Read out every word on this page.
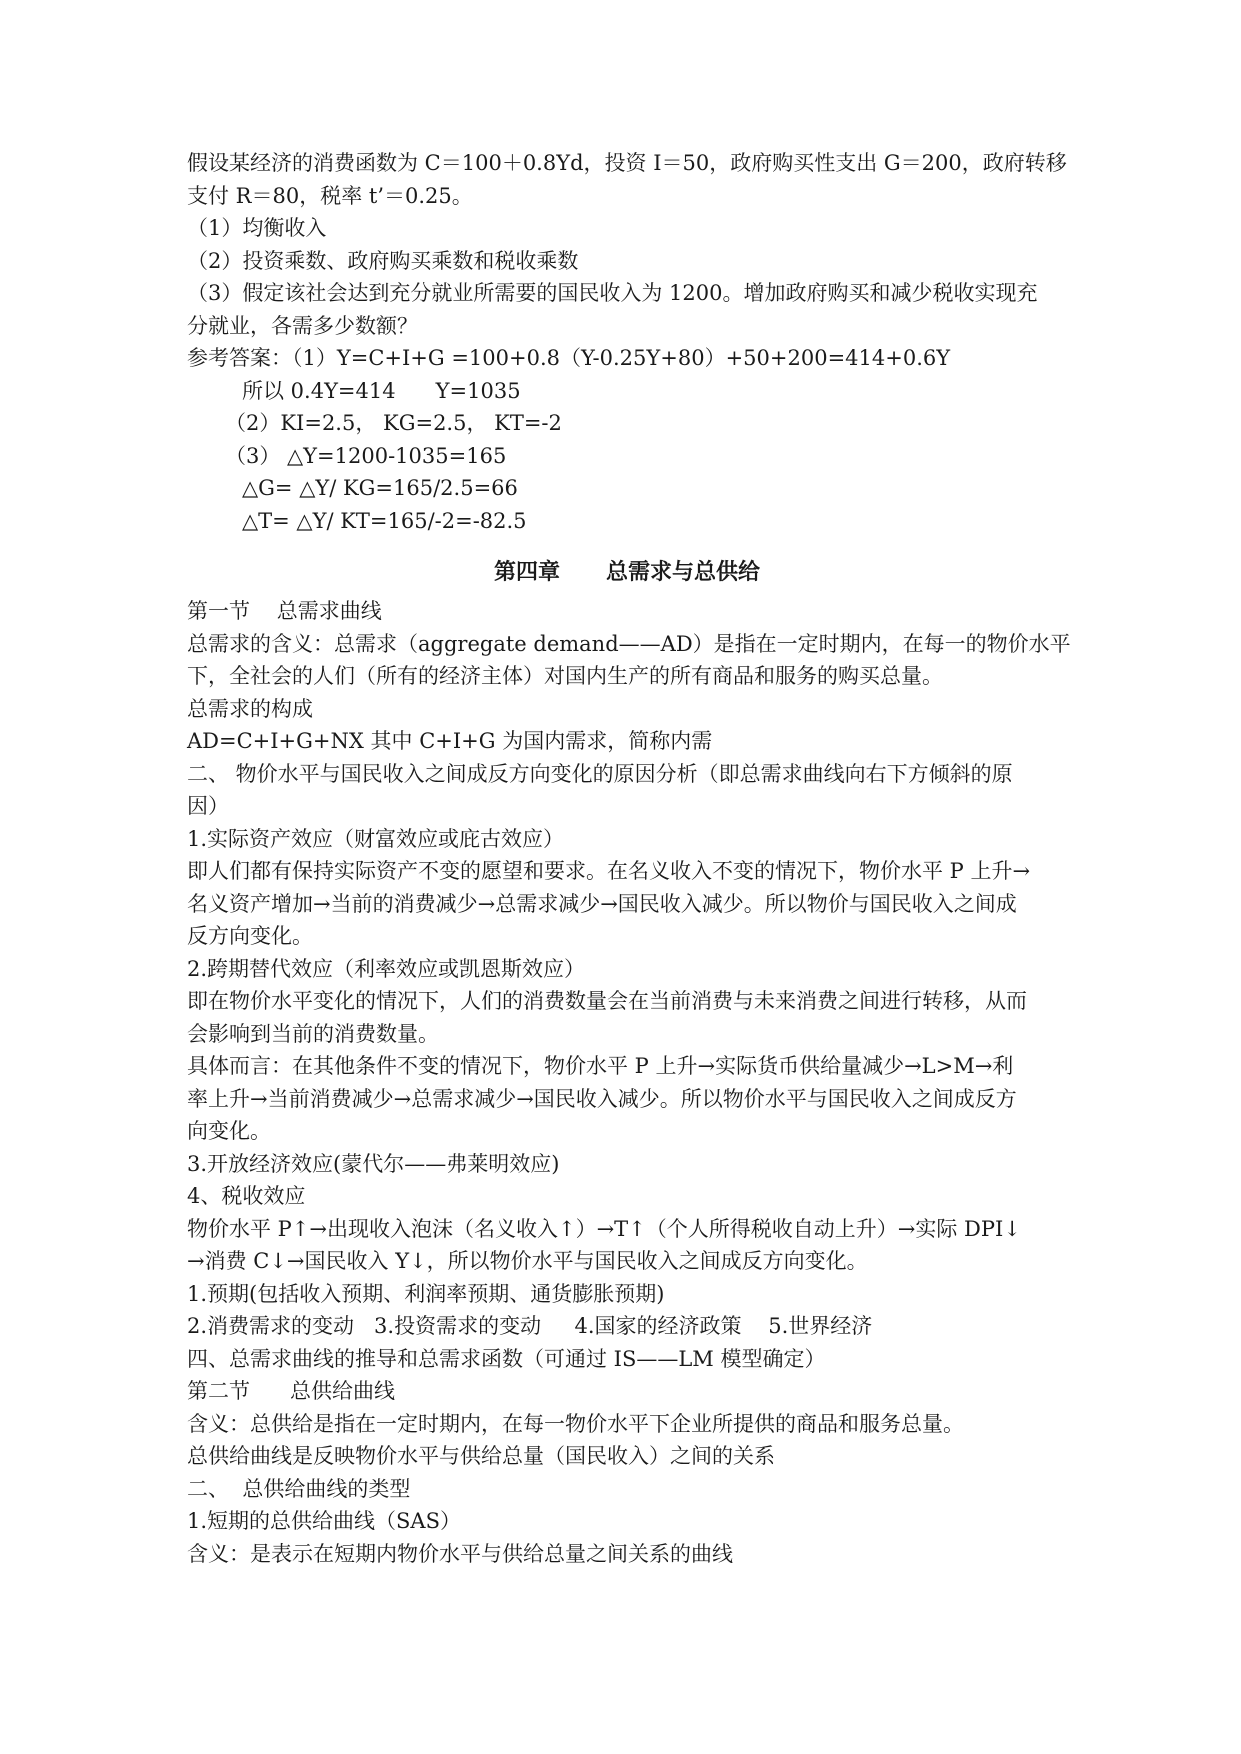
假设某经济的消费函数为 C＝100＋0.8Yd，投资 I＝50，政府购买性支出 G＝200，政府转移

支付 R＝80，税率 t’＝0.25。

（1）均衡收入

（2）投资乘数、政府购买乘数和税收乘数

（3）假定该社会达到充分就业所需要的国民收入为 1200。增加政府购买和减少税收实现充

分就业，各需多少数额？

参考答案：（1）Y=C+I+G =100+0.8（Y-0.25Y+80）+50+200=414+0.6Y

所以 0.4Y=414      Y=1035

（2）KI=2.5， KG=2.5， KT=-2

（3） △Y=1200-1035=165

△G= △Y/ KG=165/2.5=66

△T= △Y/ KT=165/-2=-82.5

第四章      总需求与总供给

第一节    总需求曲线

总需求的含义：总需求（aggregate demand——AD）是指在一定时期内，在每一的物价水平

下，全社会的人们（所有的经济主体）对国内生产的所有商品和服务的购买总量。

总需求的构成

AD=C+I+G+NX 其中 C+I+G 为国内需求，简称内需

二、 物价水平与国民收入之间成反方向变化的原因分析（即总需求曲线向右下方倾斜的原

因）

1.实际资产效应（财富效应或庇古效应）

即人们都有保持实际资产不变的愿望和要求。在名义收入不变的情况下，物价水平 P 上升→

名义资产增加→当前的消费减少→总需求减少→国民收入减少。所以物价与国民收入之间成

反方向变化。

2.跨期替代效应（利率效应或凯恩斯效应）

即在物价水平变化的情况下，人们的消费数量会在当前消费与未来消费之间进行转移，从而

会影响到当前的消费数量。

具体而言：在其他条件不变的情况下，物价水平 P 上升→实际货币供给量减少→L>M→利

率上升→当前消费减少→总需求减少→国民收入减少。所以物价水平与国民收入之间成反方

向变化。

3.开放经济效应(蒙代尔——弗莱明效应)

4、税收效应

物价水平 P↑→出现收入泡沫（名义收入↑）→T↑（个人所得税收自动上升）→实际 DPI↓

→消费 C↓→国民收入 Y↓，所以物价水平与国民收入之间成反方向变化。

1.预期(包括收入预期、利润率预期、通货膨胀预期)

2.消费需求的变动   3.投资需求的变动     4.国家的经济政策    5.世界经济

四、总需求曲线的推导和总需求函数（可通过 IS——LM 模型确定）

第二节      总供给曲线

含义：总供给是指在一定时期内，在每一物价水平下企业所提供的商品和服务总量。

总供给曲线是反映物价水平与供给总量（国民收入）之间的关系

二、  总供给曲线的类型

1.短期的总供给曲线（SAS）

含义：是表示在短期内物价水平与供给总量之间关系的曲线
